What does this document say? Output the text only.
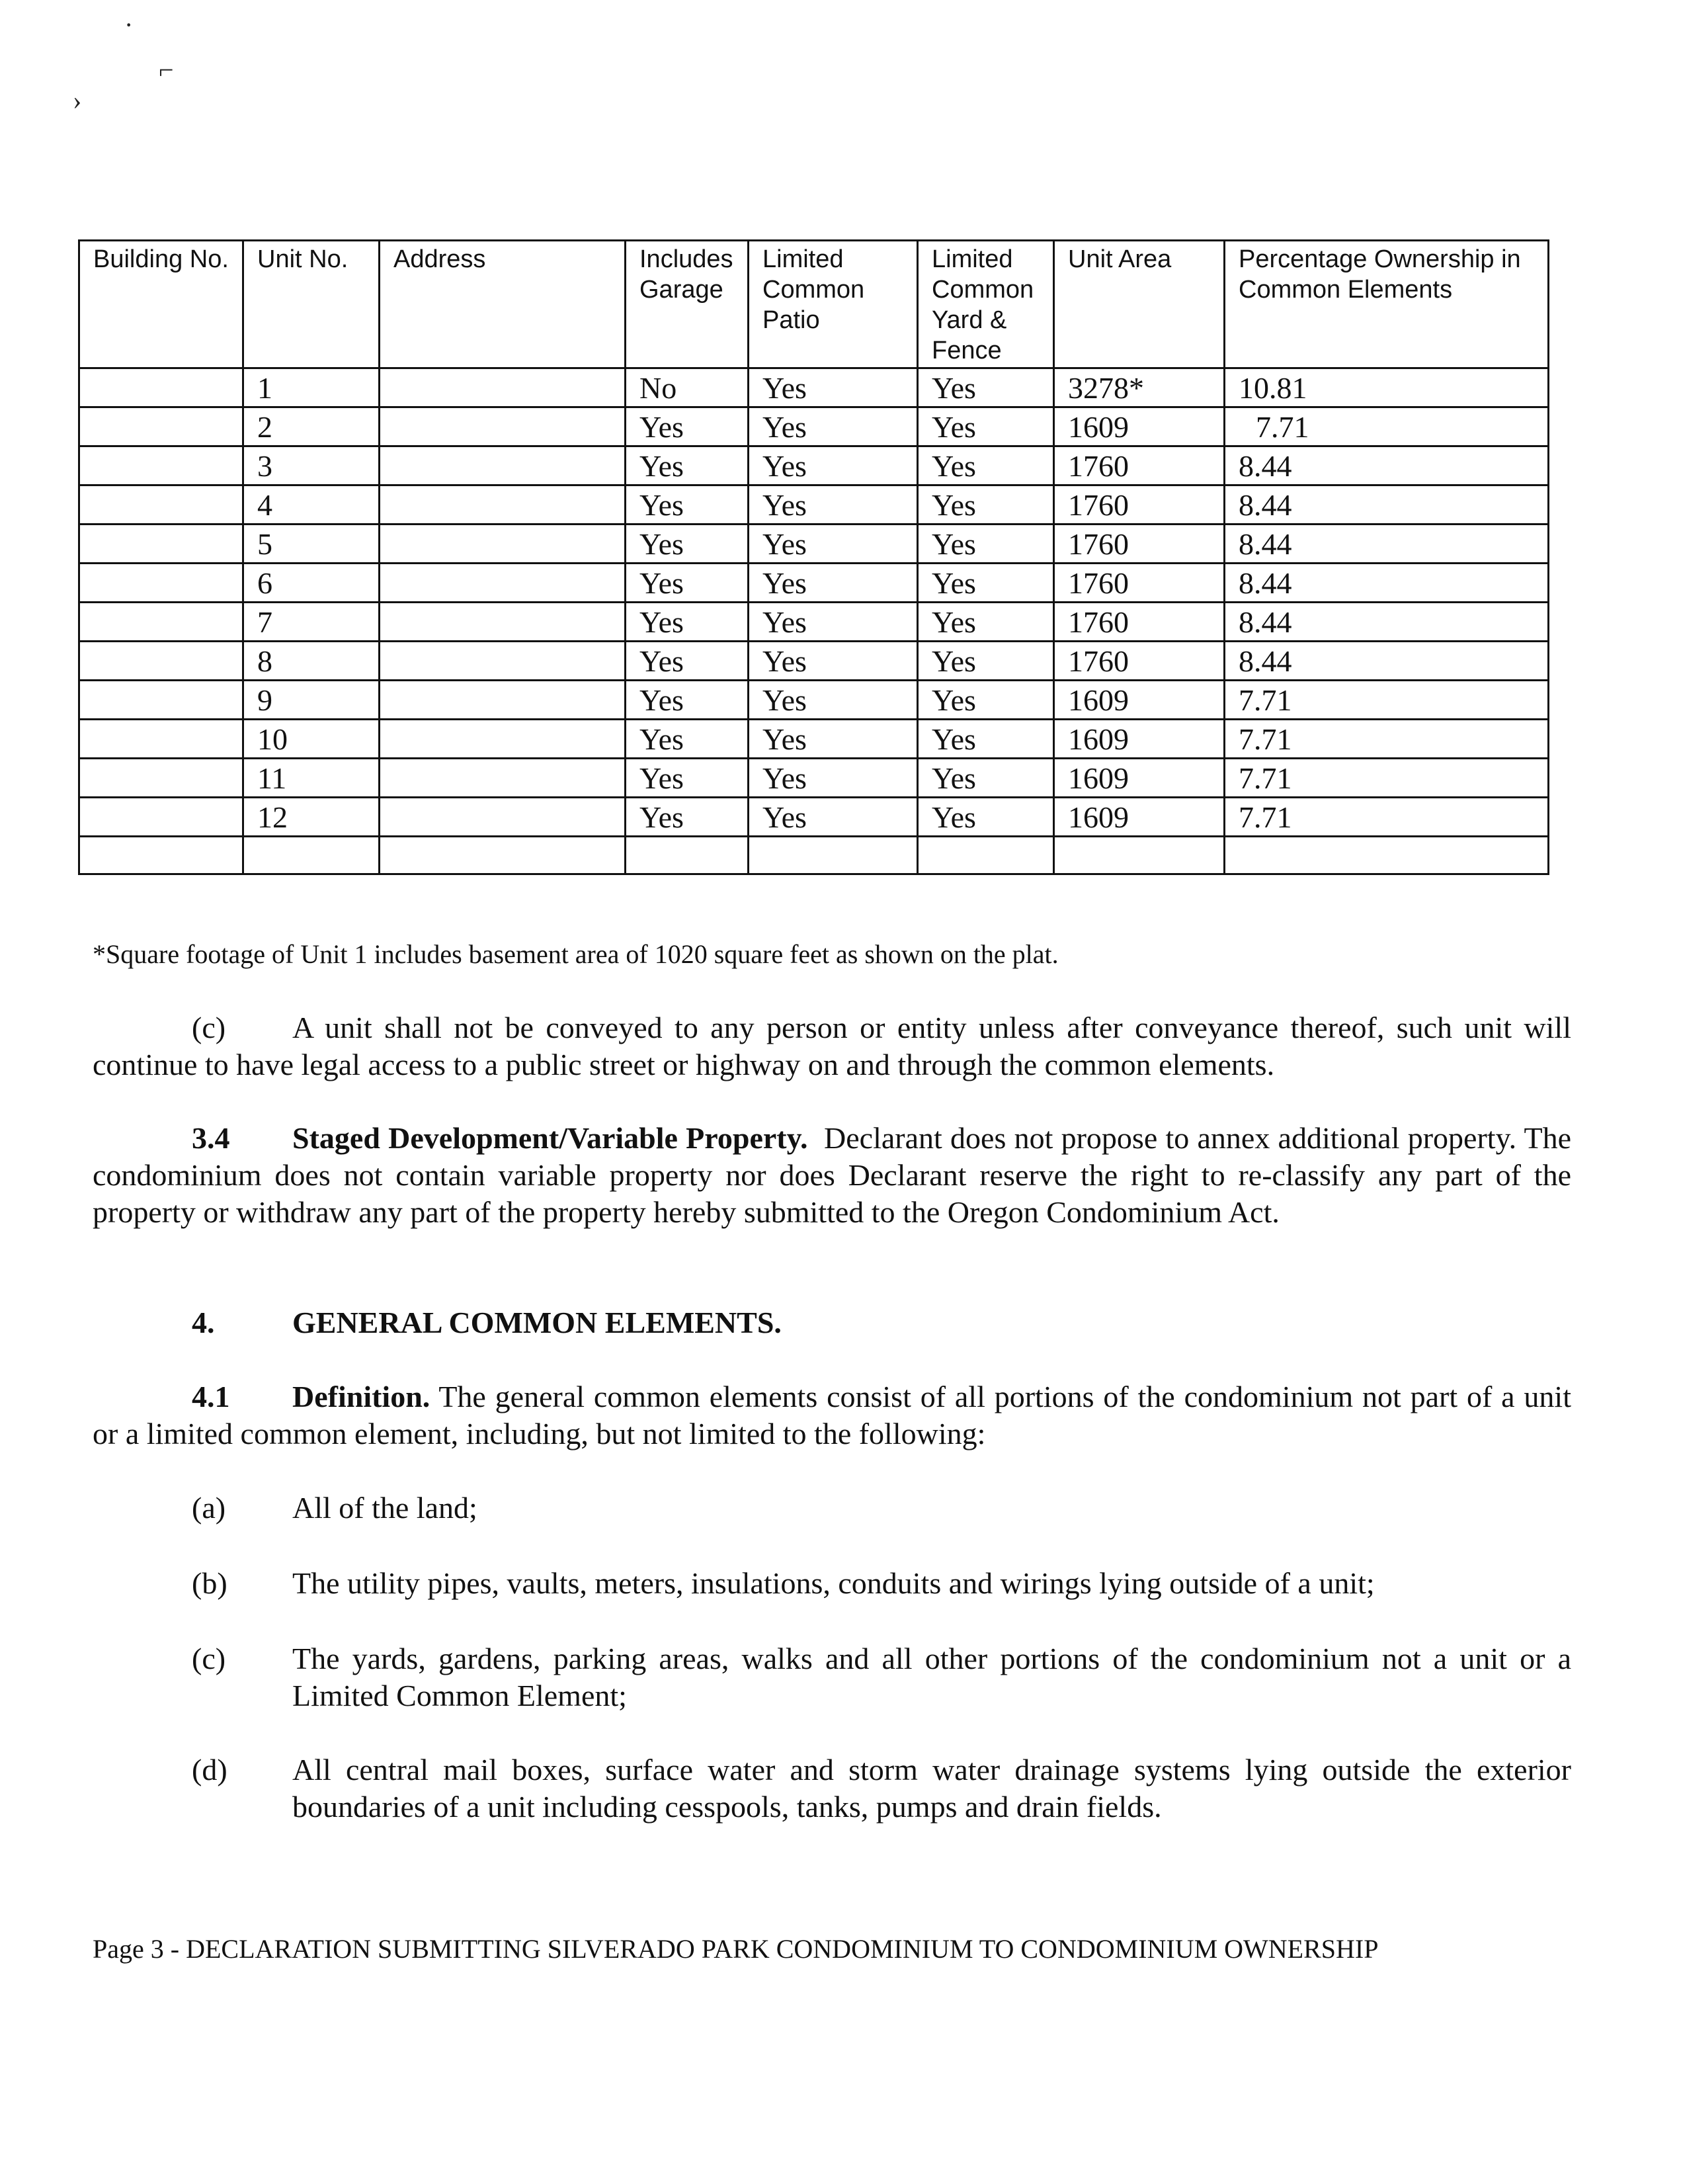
·
⌐
›
Building No.	Unit No.	Address	Includes Garage	Limited Common Patio	Limited Common Yard & Fence	Unit Area	Percentage Ownership in Common Elements
	1		No	Yes	Yes	3278*	10.81
	2		Yes	Yes	Yes	1609	7.71
	3		Yes	Yes	Yes	1760	8.44
	4		Yes	Yes	Yes	1760	8.44
	5		Yes	Yes	Yes	1760	8.44
	6		Yes	Yes	Yes	1760	8.44
	7		Yes	Yes	Yes	1760	8.44
	8		Yes	Yes	Yes	1760	8.44
	9		Yes	Yes	Yes	1609	7.71
	10		Yes	Yes	Yes	1609	7.71
	11		Yes	Yes	Yes	1609	7.71
	12		Yes	Yes	Yes	1609	7.71

*Square footage of Unit 1 includes basement area of 1020 square feet as shown on the plat.
(c) A unit shall not be conveyed to any person or entity unless after conveyance thereof, such unit will continue to have legal access to a public street or highway on and through the common elements.
3.4 Staged Development/Variable Property. Declarant does not propose to annex additional property. The condominium does not contain variable property nor does Declarant reserve the right to re-classify any part of the property or withdraw any part of the property hereby submitted to the Oregon Condominium Act.
4.	GENERAL COMMON ELEMENTS.
4.1 Definition. The general common elements consist of all portions of the condominium not part of a unit or a limited common element, including, but not limited to the following:
(a) All of the land;
(b) The utility pipes, vaults, meters, insulations, conduits and wirings lying outside of a unit;
(c) The yards, gardens, parking areas, walks and all other portions of the condominium not a unit or a Limited Common Element;
(d) All central mail boxes, surface water and storm water drainage systems lying outside the exterior boundaries of a unit including cesspools, tanks, pumps and drain fields.
Page 3 - DECLARATION SUBMITTING SILVERADO PARK CONDOMINIUM TO CONDOMINIUM OWNERSHIP
